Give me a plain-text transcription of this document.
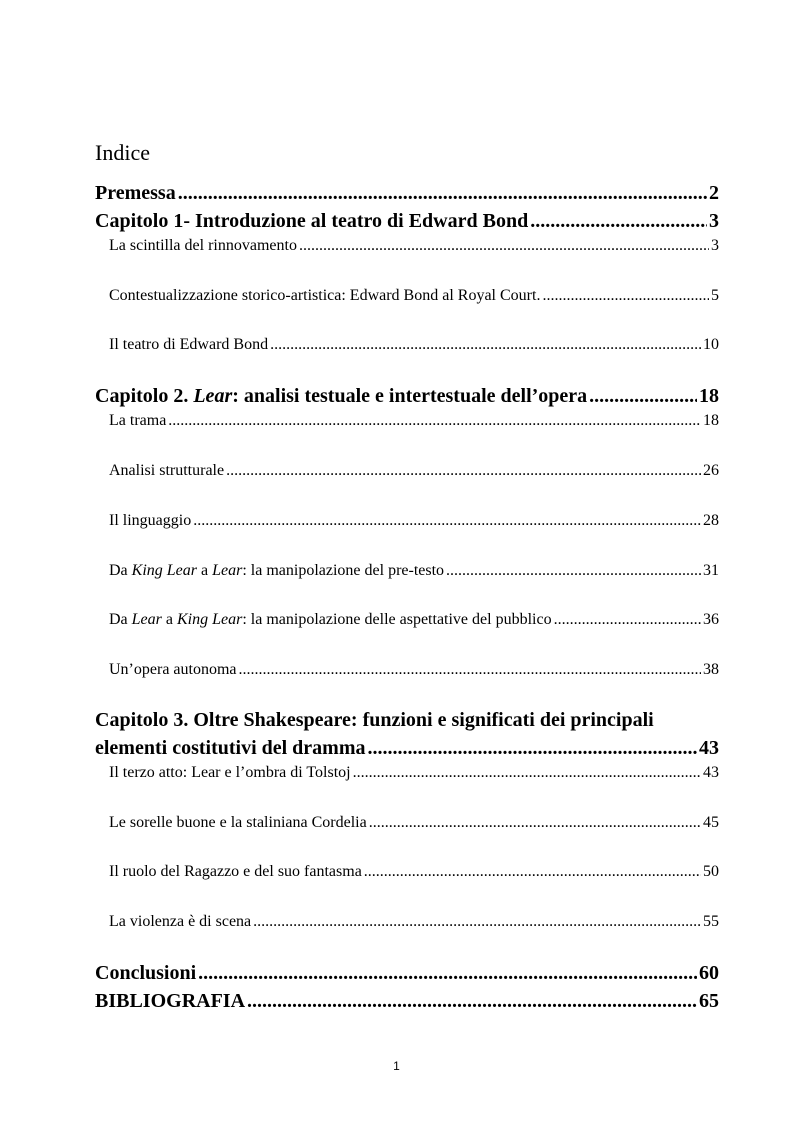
Indice
Premessa .....	2
Capitolo 1- Introduzione al teatro di Edward Bond .....	3
La scintilla del rinnovamento .....	3
Contestualizzazione storico-artistica: Edward Bond al Royal Court. .....	5
Il teatro di Edward Bond .....	10
Capitolo 2. Lear: analisi testuale e intertestuale dell’opera .....	18
La trama .....	18
Analisi strutturale .....	26
Il linguaggio .....	28
Da King Lear a Lear: la manipolazione del pre-testo .....	31
Da Lear a King Lear: la manipolazione delle aspettative del pubblico .....	36
Un’opera autonoma .....	38
Capitolo 3. Oltre Shakespeare: funzioni e significati dei principali
elementi costitutivi del dramma .....	43
Il terzo atto: Lear e l’ombra di Tolstoj .....	43
Le sorelle buone e la staliniana Cordelia .....	45
Il ruolo del Ragazzo e del suo fantasma .....	50
La violenza è di scena .....	55
Conclusioni .....	60
BIBLIOGRAFIA .....	65
1
